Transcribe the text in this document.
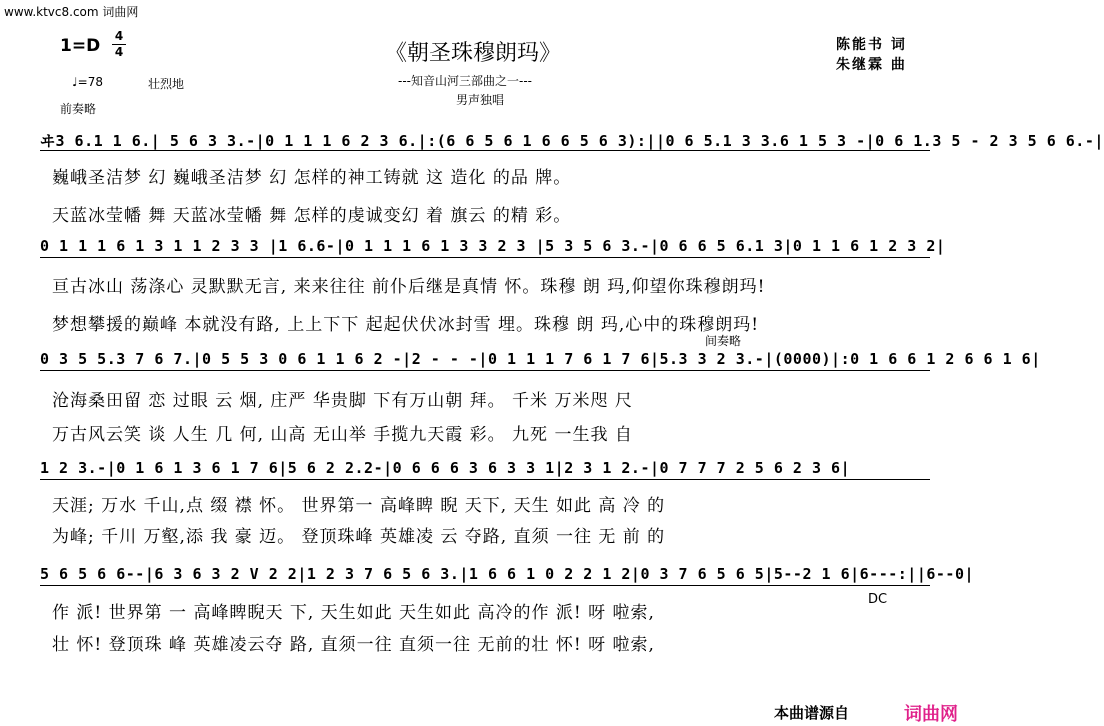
www.ktvc8.com 词曲网
1=D 4
4	《朝圣珠穆朗玛》	陈能书 词
朱继霖 曲
♩=78	壮烈地	---知音山河三部曲之一---
男声独唱
前奏略
ヰ3 6.1 1 6.| 5 6 3 3.-|0 1 1 1 6 2 3 6.|:(6 6 5 6 1 6 6 5 6 3):||0 6 5.1 3 3.6 1 5 3 -|0 6 1.3 5 - 2 3 5 6 6.-|
巍峨圣洁梦 幻 巍峨圣洁梦 幻 怎样的神工铸就 这 造化 的品 牌。
天蓝冰莹幡 舞 天蓝冰莹幡 舞 怎样的虔诚变幻 着 旗云 的精 彩。
0 1 1 1 6 1 3 1 1 2 3 3 |1 6.6-|0 1 1 1 6 1 3 3 2 3 |5 3 5 6 3.-|0 6 6 5 6.1 3|0 1 1 6 1 2 3 2|
亘古冰山 荡涤心 灵默默无言, 来来往往 前仆后继是真情 怀。珠穆 朗 玛,仰望你珠穆朗玛!
梦想攀援的巅峰 本就没有路, 上上下下 起起伏伏冰封雪 埋。珠穆 朗 玛,心中的珠穆朗玛!
间奏略
0 3 5 5.3 7 6 7.|0 5 5 3 0 6 1 1 6 2 -|2 - - -|0 1 1 1 7 6 1 7 6|5.3 3 2 3.-|(0000)|:0 1 6 6 1 2 6 6 1 6|
沧海桑田留 恋 过眼 云 烟, 庄严 华贵脚 下有万山朝 拜。 千米 万米咫 尺
万古风云笑 谈 人生 几 何, 山高 无山举 手揽九天霞 彩。 九死 一生我 自
1 2 3.-|0 1 6 1 3 6 1 7 6|5 6 2 2.2-|0 6 6 6 3 6 3 3 1|2 3 1 2.-|0 7 7 7 2 5 6 2 3 6|
天涯; 万水 千山,点 缀 襟 怀。 世界第一 高峰睥 睨 天下, 天生 如此 高 冷 的
为峰; 千川 万壑,添 我 豪 迈。 登顶珠峰 英雄凌 云 夺路, 直须 一往 无 前 的
5 6 5 6 6--|6 3 6 3 2 V 2 2|1 2 3 7 6 5 6 3.|1 6 6 1 0 2 2 1 2|0 3 7 6 5 6 5|5--2 1 6|6---:||6--0|
DC
作 派! 世界第 一 高峰睥睨天 下, 天生如此 天生如此 高冷的作 派! 呀 啦索,
壮 怀! 登顶珠 峰 英雄凌云夺 路, 直须一往 直须一往 无前的壮 怀! 呀 啦索,
本曲谱源自	词曲网
